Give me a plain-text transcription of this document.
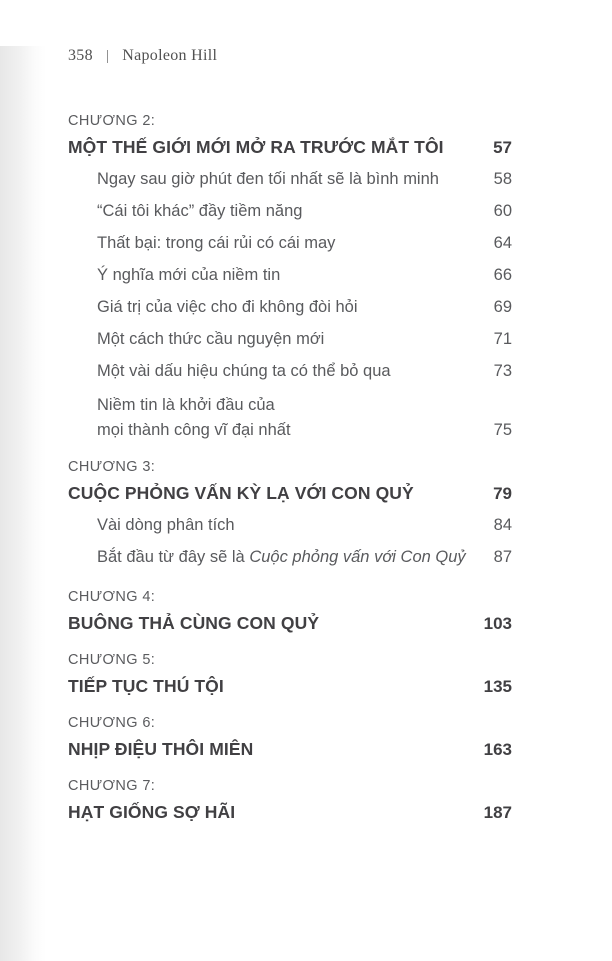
358 | Napoleon Hill
CHƯƠNG 2:
MỘT THẾ GIỚI MỚI MỞ RA TRƯỚC MẮT TÔI	57
Ngay sau giờ phút đen tối nhất sẽ là bình minh	58
“Cái tôi khác” đầy tiềm năng	60
Thất bại: trong cái rủi có cái may	64
Ý nghĩa mới của niềm tin	66
Giá trị của việc cho đi không đòi hỏi	69
Một cách thức cầu nguyện mới	71
Một vài dấu hiệu chúng ta có thể bỏ qua	73
Niềm tin là khởi đầu của
mọi thành công vĩ đại nhất	75
CHƯƠNG 3:
CUỘC PHỎNG VẤN KỲ LẠ VỚI CON QUỶ	79
Vài dòng phân tích	84
Bắt đầu từ đây sẽ là Cuộc phỏng vấn với Con Quỷ	87
CHƯƠNG 4:
BUÔNG THẢ CÙNG CON QUỶ	103
CHƯƠNG 5:
TIẾP TỤC THÚ TỘI	135
CHƯƠNG 6:
NHỊP ĐIỆU THÔI MIÊN	163
CHƯƠNG 7:
HẠT GIỐNG SỢ HÃI	187
